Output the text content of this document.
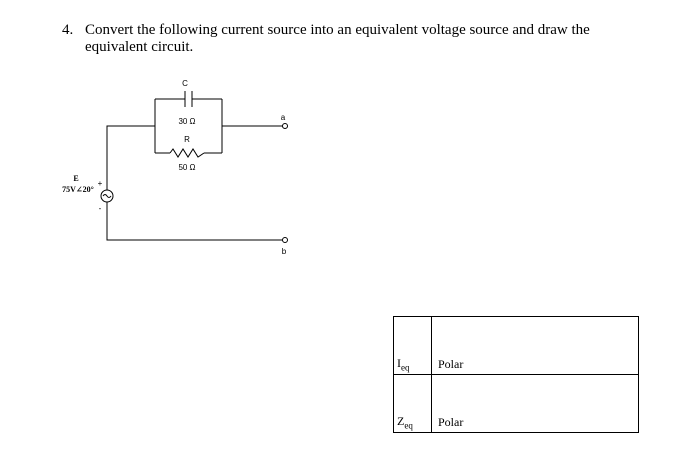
4. Convert the following current source into an equivalent voltage source and draw the equivalent circuit.
C
30 Ω
R
50 Ω
a
b
E
75V∠20°
+
-
$I_{eq}$	Polar
$Z_{eq}$	Polar
